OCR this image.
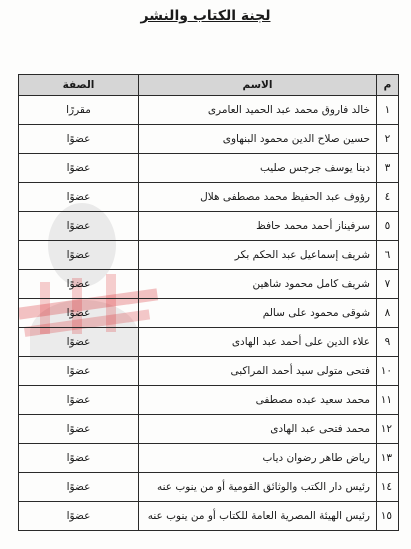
لجنة الكتاب والنشر
م	الاسم	الصفة
١	خالد فاروق محمد عبد الحميد العامرى	مقررًا
٢	حسين صلاح الدين محمود البنهاوى	عضوًا
٣	دينا يوسف جرجس صليب	عضوًا
٤	رؤوف عبد الحفيظ محمد مصطفى هلال	عضوًا
٥	سرفيناز أحمد محمد حافظ	عضوًا
٦	شريف إسماعيل عبد الحكم بكر	عضوًا
٧	شريف كامل محمود شاهين	عضوًا
٨	شوقى محمود على سالم	عضوًا
٩	علاء الدين على أحمد عبد الهادى	عضوًا
١٠	فتحى متولى سيد أحمد المراكبى	عضوًا
١١	محمد سعيد عبده مصطفى	عضوًا
١٢	محمد فتحى عبد الهادى	عضوًا
١٣	رياض طاهر رضوان دياب	عضوًا
١٤	رئيس دار الكتب والوثائق القومية أو من ينوب عنه	عضوًا
١٥	رئيس الهيئة المصرية العامة للكتاب أو من ينوب عنه	عضوًا
